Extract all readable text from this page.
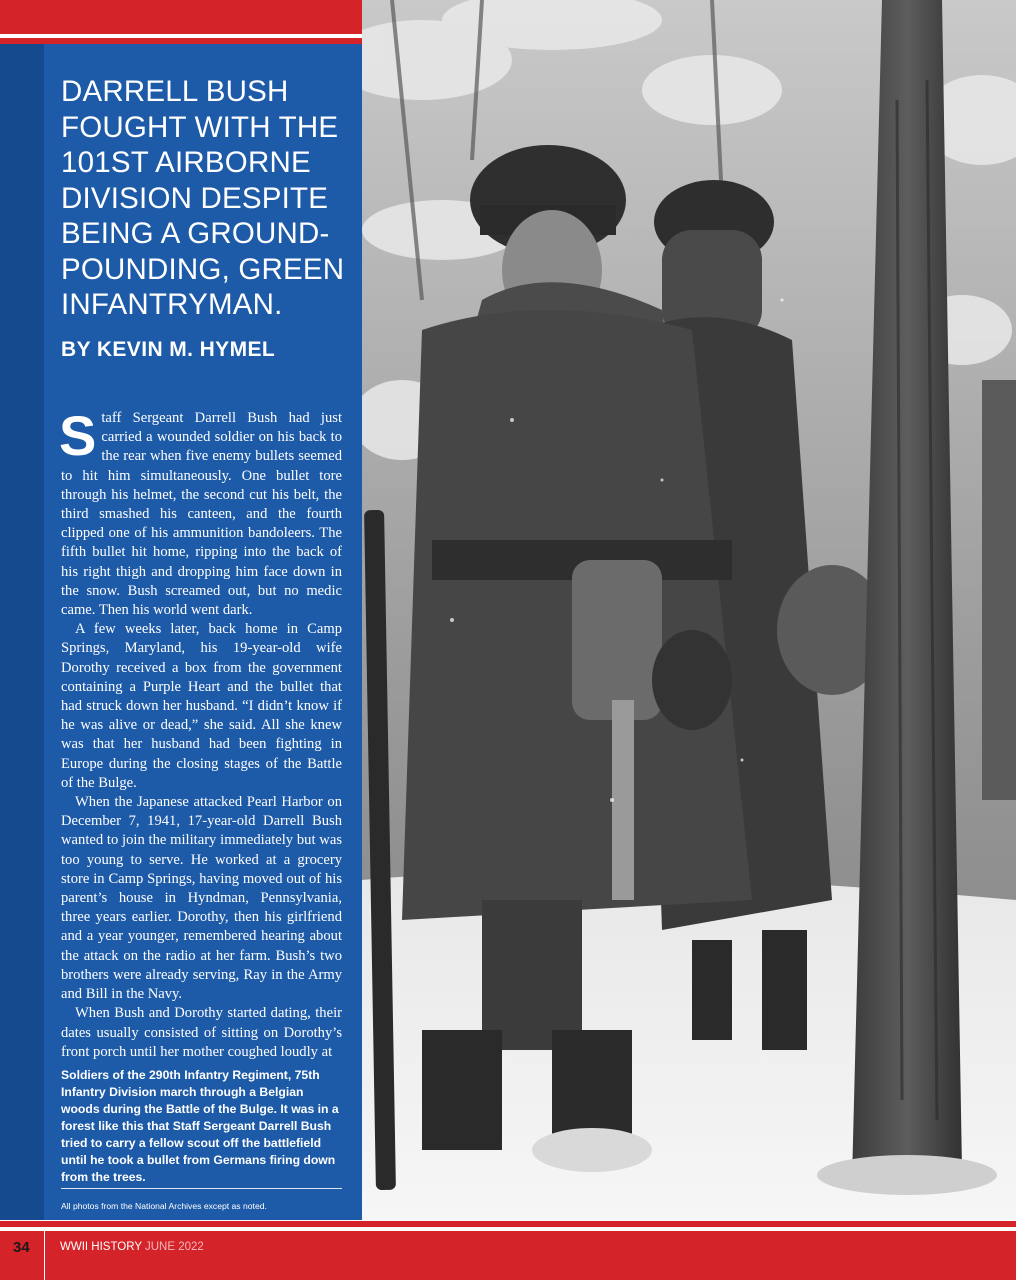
DARRELL BUSH FOUGHT WITH THE 101ST AIRBORNE DIVISION DESPITE BEING A GROUND-POUNDING, GREEN INFANTRYMAN.
BY KEVIN M. HYMEL

Staff Sergeant Darrell Bush had just carried a wounded soldier on his back to the rear when five enemy bullets seemed to hit him simultaneously. One bullet tore through his helmet, the second cut his belt, the third smashed his canteen, and the fourth clipped one of his ammunition bandoleers. The fifth bullet hit home, ripping into the back of his right thigh and dropping him face down in the snow. Bush screamed out, but no medic came. Then his world went dark.

A few weeks later, back home in Camp Springs, Maryland, his 19-year-old wife Dorothy received a box from the government containing a Purple Heart and the bullet that had struck down her husband. “I didn’t know if he was alive or dead,” she said. All she knew was that her husband had been fighting in Europe during the closing stages of the Battle of the Bulge.

When the Japanese attacked Pearl Harbor on December 7, 1941, 17-year-old Darrell Bush wanted to join the military immediately but was too young to serve. He worked at a grocery store in Camp Springs, having moved out of his parent’s house in Hyndman, Pennsylvania, three years earlier. Dorothy, then his girlfriend and a year younger, remembered hearing about the attack on the radio at her farm. Bush’s two brothers were already serving, Ray in the Army and Bill in the Navy.

When Bush and Dorothy started dating, their dates usually consisted of sitting on Dorothy’s front porch until her mother coughed loudly at

Soldiers of the 290th Infantry Regiment, 75th Infantry Division march through a Belgian woods during the Battle of the Bulge. It was in a forest like this that Staff Sergeant Darrell Bush tried to carry a fellow scout off the battlefield until he took a bullet from Germans firing down from the trees.

All photos from the National Archives except as noted.

34	WWII HISTORY JUNE 2022
